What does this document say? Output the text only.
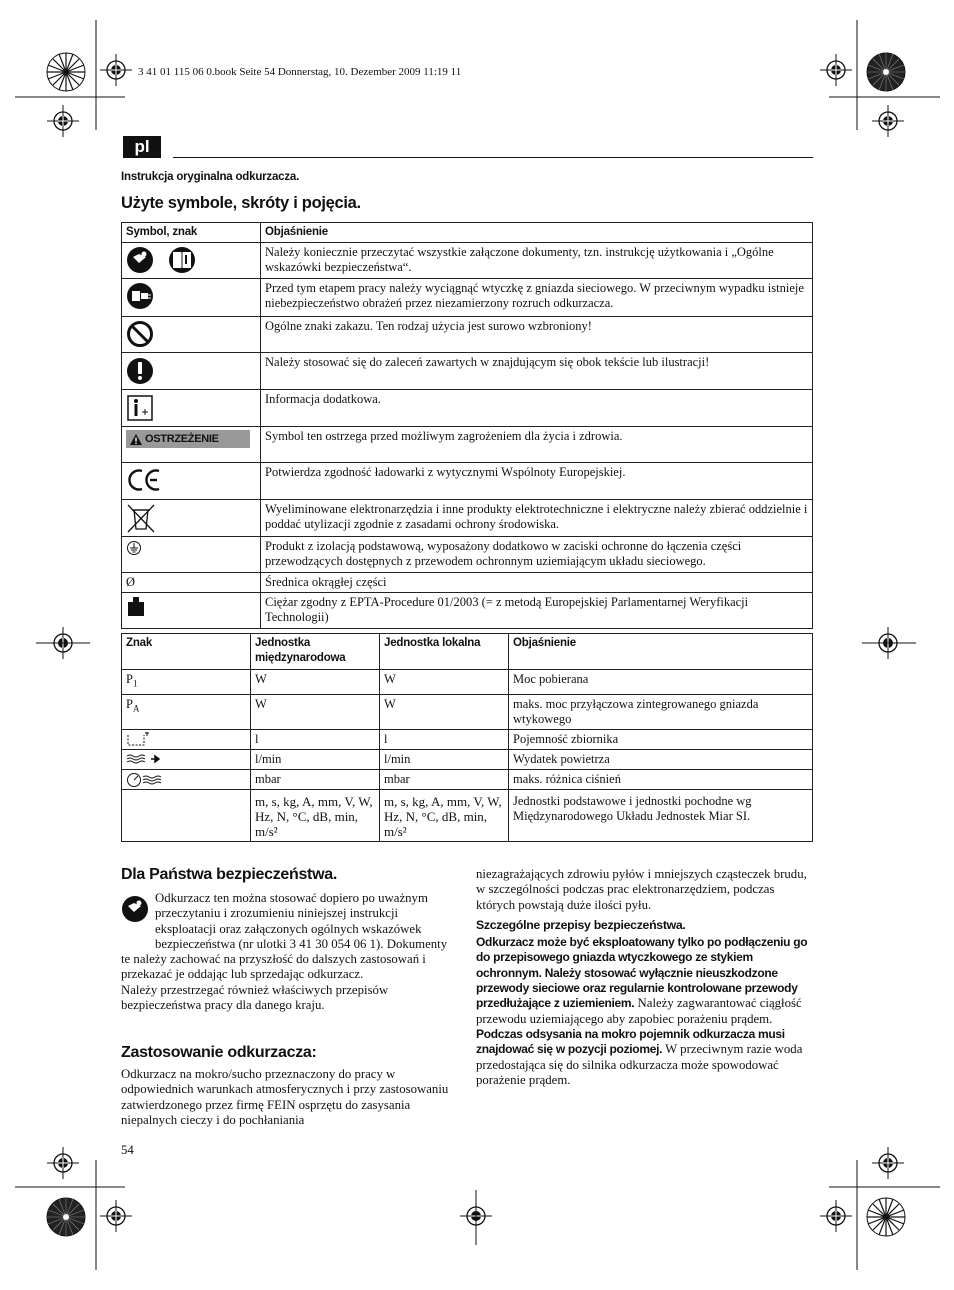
3 41 01 115 06 0.book Seite 54 Donnerstag, 10. Dezember 2009 11:19 11
pl
Instrukcja oryginalna odkurzacza.
Użyte symbole, skróty i pojęcia.
Symbol, znak	Objaśnienie

	Należy koniecznie przeczytać wszystkie załączone dokumenty, tzn. instrukcję użytkowania i „Ogólne wskazówki bezpieczeństwa“.

	Przed tym etapem pracy należy wyciągnąć wtyczkę z gniazda sieciowego. W przeciwnym wypadku istnieje niebezpieczeństwo obrażeń przez niezamierzony rozruch odkurzacza.

	Ogólne znaki zakazu. Ten rodzaj użycia jest surowo wzbroniony!

	Należy stosować się do zaleceń zawartych w znajdującym się obok tekście lub ilustracji!

	Informacja dodatkowa.

OSTRZEŻENIE	Symbol ten ostrzega przed możliwym zagrożeniem dla życia i zdrowia.

	Potwierdza zgodność ładowarki z wytycznymi Wspólnoty Europejskiej.

	Wyeliminowane elektronarzędzia i inne produkty elektrotechniczne i elektryczne należy zbierać oddzielnie i poddać utylizacji zgodnie z zasadami ochrony środowiska.

	Produkt z izolacją podstawową, wyposażony dodatkowo w zaciski ochronne do łączenia części przewodzących dostępnych z przewodem ochronnym uziemiającym układu sieciowego.
Ø	Średnica okrągłej części

	Ciężar zgodny z EPTA-Procedure 01/2003 (= z metodą Europejskiej Parlamentarnej Weryfikacji Technologii)
Znak	Jednostka międzynarodowa	Jednostka lokalna	Objaśnienie
$P_1$	W	W	Moc pobierana
$P_A$	W	W	maks. moc przyłączowa zintegrowanego gniazda wtykowego

	l	l	Pojemność zbiornika

	l/min	l/min	Wydatek powietrza

	mbar	mbar	maks. różnica ciśnień
	m, s, kg, A, mm, V, W, Hz, N, °C, dB, min, m/s²	m, s, kg, A, mm, V, W, Hz, N, °C, dB, min, m/s²	Jednostki podstawowe i jednostki pochodne wg Międzynarodowego Układu Jednostek Miar SI.
Dla Państwa bezpieczeństwa.

Odkurzacz ten można stosować dopiero po uważnym przeczytaniu i zrozumieniu niniejszej instrukcji eksploatacji oraz załączonych ogólnych wskazówek bezpieczeństwa (nr ulotki 3 41 30 054 06 1). Dokumenty te należy zachować na przyszłość do dalszych zastosowań i przekazać je oddając lub sprzedając odkurzacz.

Należy przestrzegać również właściwych przepisów bezpieczeństwa pracy dla danego kraju.

Zastosowanie odkurzacza:

Odkurzacz na mokro/sucho przeznaczony do pracy w odpowiednich warunkach atmosferycznych i przy zastosowaniu zatwierdzonego przez firmę FEIN osprzętu do zasysania niepalnych cieczy i do pochłaniania

54

niezagrażających zdrowiu pyłów i mniejszych cząsteczek brudu, w szczególności podczas prac elektronarzędziem, podczas których powstają duże ilości pyłu.

Szczególne przepisy bezpieczeństwa.

Odkurzacz może być eksploatowany tylko po podłączeniu go do przepisowego gniazda wtyczkowego ze stykiem ochronnym. Należy stosować wyłącznie nieuszkodzone przewody sieciowe oraz regularnie kontrolowane przewody przedłużające z uziemieniem. Należy zagwarantować ciągłość przewodu uziemiającego aby zapobiec porażeniu prądem.

Podczas odsysania na mokro pojemnik odkurzacza musi znajdować się w pozycji poziomej. W przeciwnym razie woda przedostająca się do silnika odkurzacza może spowodować porażenie prądem.
